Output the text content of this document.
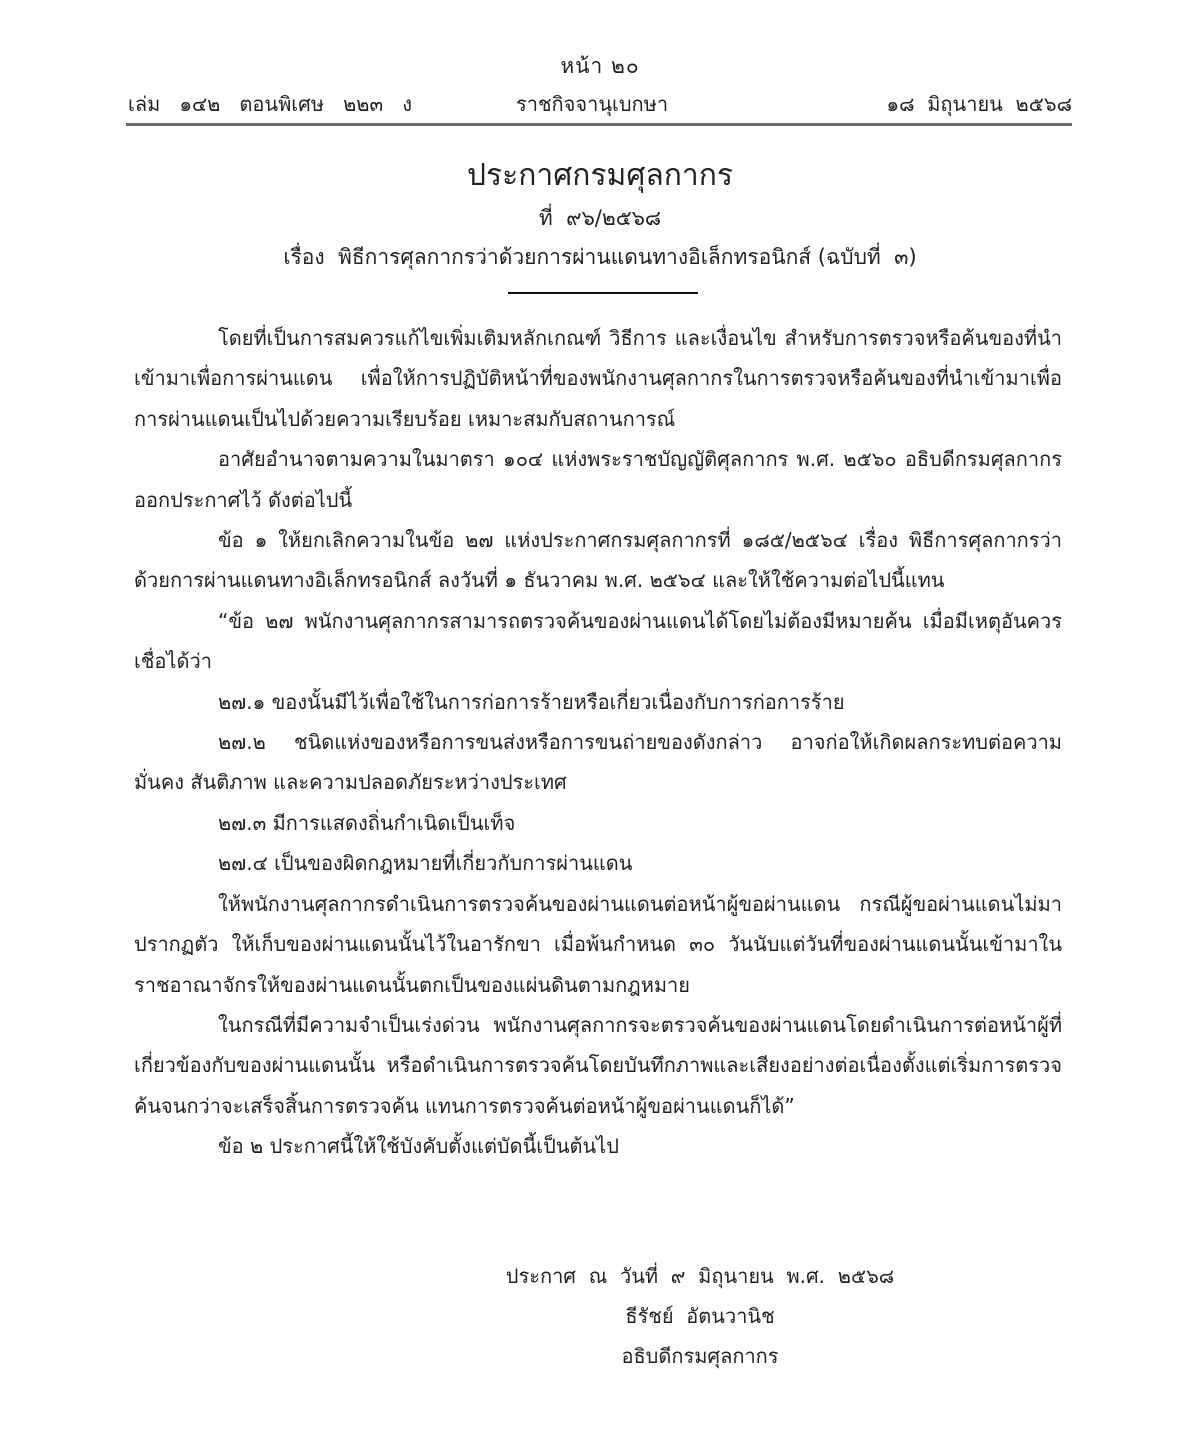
หน้า ๒๐
เล่ม   ๑๔๒   ตอนพิเศษ   ๒๒๓   ง	ราชกิจจานุเบกษา	๑๘  มิถุนายน  ๒๕๖๘
ประกาศกรมศุลกากร
ที่  ๙๖/๒๕๖๘
เรื่อง  พิธีการศุลกากรว่าด้วยการผ่านแดนทางอิเล็กทรอนิกส์ (ฉบับที่  ๓)

โดยที่เป็นการสมควรแก้ไขเพิ่มเติมหลักเกณฑ์ วิธีการ และเงื่อนไข สำหรับการตรวจหรือค้นของที่นำเข้ามาเพื่อการผ่านแดน เพื่อให้การปฏิบัติหน้าที่ของพนักงานศุลกากรในการตรวจหรือค้นของที่นำเข้ามาเพื่อการผ่านแดนเป็นไปด้วยความเรียบร้อย เหมาะสมกับสถานการณ์

อาศัยอำนาจตามความในมาตรา ๑๐๔ แห่งพระราชบัญญัติศุลกากร พ.ศ. ๒๕๖๐ อธิบดีกรมศุลกากรออกประกาศไว้ ดังต่อไปนี้

ข้อ ๑ ให้ยกเลิกความในข้อ ๒๗ แห่งประกาศกรมศุลกากรที่ ๑๘๕/๒๕๖๔ เรื่อง พิธีการศุลกากรว่าด้วยการผ่านแดนทางอิเล็กทรอนิกส์ ลงวันที่ ๑ ธันวาคม พ.ศ. ๒๕๖๔ และให้ใช้ความต่อไปนี้แทน

“ข้อ ๒๗ พนักงานศุลกากรสามารถตรวจค้นของผ่านแดนได้โดยไม่ต้องมีหมายค้น เมื่อมีเหตุอันควรเชื่อได้ว่า

๒๗.๑ ของนั้นมีไว้เพื่อใช้ในการก่อการร้ายหรือเกี่ยวเนื่องกับการก่อการร้าย

๒๗.๒ ชนิดแห่งของหรือการขนส่งหรือการขนถ่ายของดังกล่าว อาจก่อให้เกิดผลกระทบต่อความมั่นคง สันติภาพ และความปลอดภัยระหว่างประเทศ

๒๗.๓ มีการแสดงถิ่นกำเนิดเป็นเท็จ

๒๗.๔ เป็นของผิดกฎหมายที่เกี่ยวกับการผ่านแดน

ให้พนักงานศุลกากรดำเนินการตรวจค้นของผ่านแดนต่อหน้าผู้ขอผ่านแดน กรณีผู้ขอผ่านแดนไม่มาปรากฏตัว ให้เก็บของผ่านแดนนั้นไว้ในอารักขา เมื่อพ้นกำหนด ๓๐ วันนับแต่วันที่ของผ่านแดนนั้นเข้ามาในราชอาณาจักรให้ของผ่านแดนนั้นตกเป็นของแผ่นดินตามกฎหมาย

ในกรณีที่มีความจำเป็นเร่งด่วน พนักงานศุลกากรจะตรวจค้นของผ่านแดนโดยดำเนินการต่อหน้าผู้ที่เกี่ยวข้องกับของผ่านแดนนั้น หรือดำเนินการตรวจค้นโดยบันทึกภาพและเสียงอย่างต่อเนื่องตั้งแต่เริ่มการตรวจค้นจนกว่าจะเสร็จสิ้นการตรวจค้น แทนการตรวจค้นต่อหน้าผู้ขอผ่านแดนก็ได้”

ข้อ ๒ ประกาศนี้ให้ใช้บังคับตั้งแต่บัดนี้เป็นต้นไป

ประกาศ  ณ  วันที่  ๙  มิถุนายน  พ.ศ.  ๒๕๖๘
ธีรัชย์  อัตนวานิช
อธิบดีกรมศุลกากร
